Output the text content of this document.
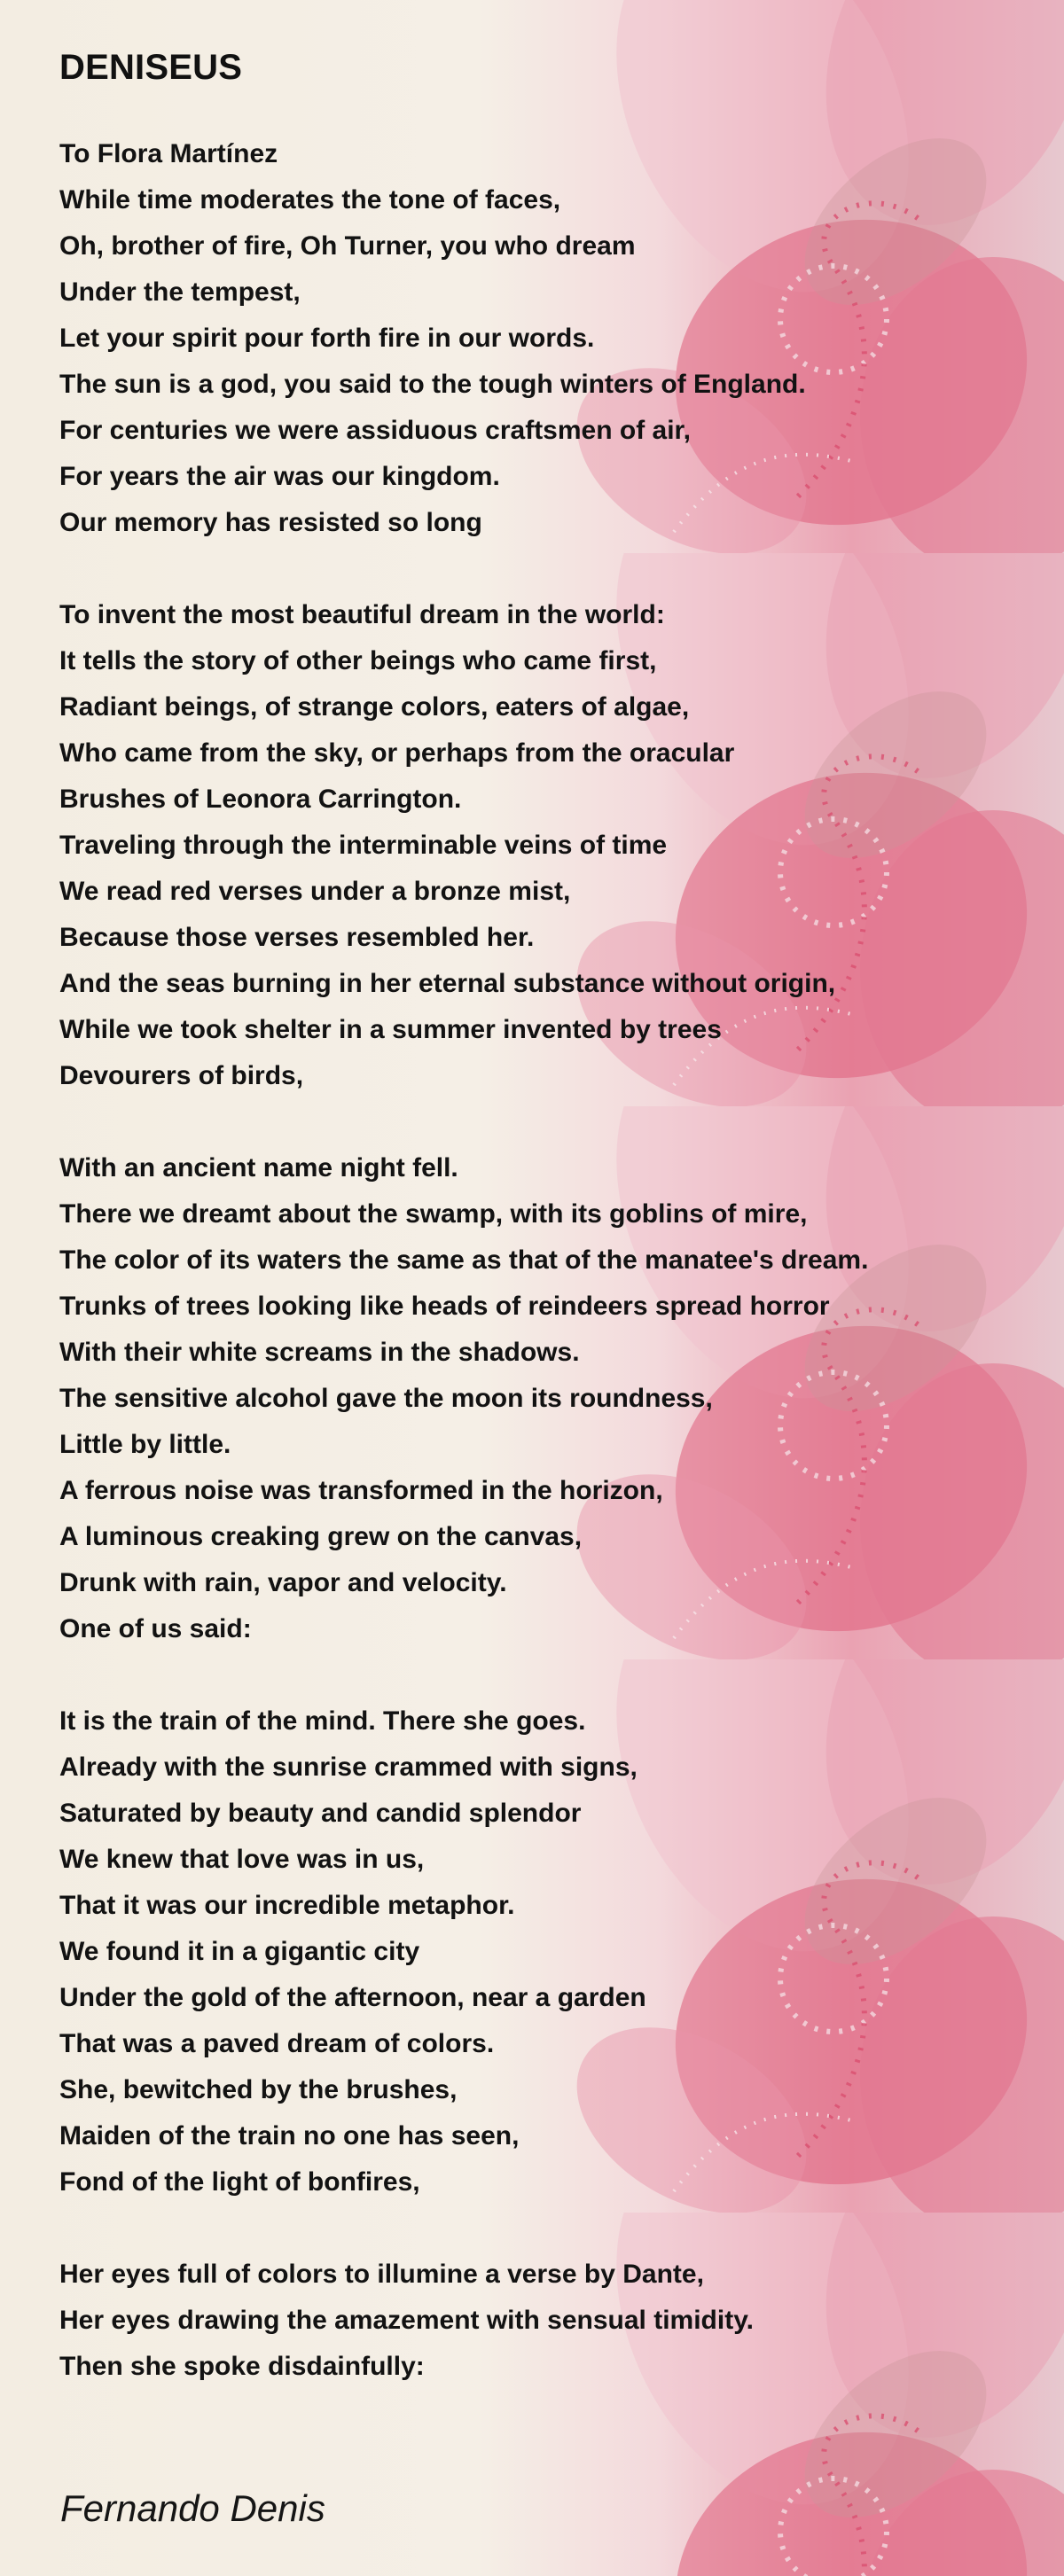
DENISEUS
To Flora Martínez
While time moderates the tone of faces,
Oh, brother of fire, Oh Turner, you who dream
Under the tempest,
Let your spirit pour forth fire in our words.
The sun is a god, you said to the tough winters of England.
For centuries we were assiduous craftsmen of air,
For years the air was our kingdom.
Our memory has resisted so long
To invent the most beautiful dream in the world:
It tells the story of other beings who came first,
Radiant beings, of strange colors, eaters of algae,
Who came from the sky, or perhaps from the oracular
Brushes of Leonora Carrington.
Traveling through the interminable veins of time
We read red verses under a bronze mist,
Because those verses resembled her.
And the seas burning in her eternal substance without origin,
While we took shelter in a summer invented by trees
Devourers of birds,
With an ancient name night fell.
There we dreamt about the swamp, with its goblins of mire,
The color of its waters the same as that of the manatee's dream.
Trunks of trees looking like heads of reindeers spread horror
With their white screams in the shadows.
The sensitive alcohol gave the moon its roundness,
Little by little.
A ferrous noise was transformed in the horizon,
A luminous creaking grew on the canvas,
Drunk with rain, vapor and velocity.
One of us said:
It is the train of the mind. There she goes.
Already with the sunrise crammed with signs,
Saturated by beauty and candid splendor
We knew that love was in us,
That it was our incredible metaphor.
We found it in a gigantic city
Under the gold of the afternoon, near a garden
That was a paved dream of colors.
She, bewitched by the brushes,
Maiden of the train no one has seen,
Fond of the light of bonfires,
Her eyes full of colors to illumine a verse by Dante,
Her eyes drawing the amazement with sensual timidity.
Then she spoke disdainfully:

Fernando Denis
